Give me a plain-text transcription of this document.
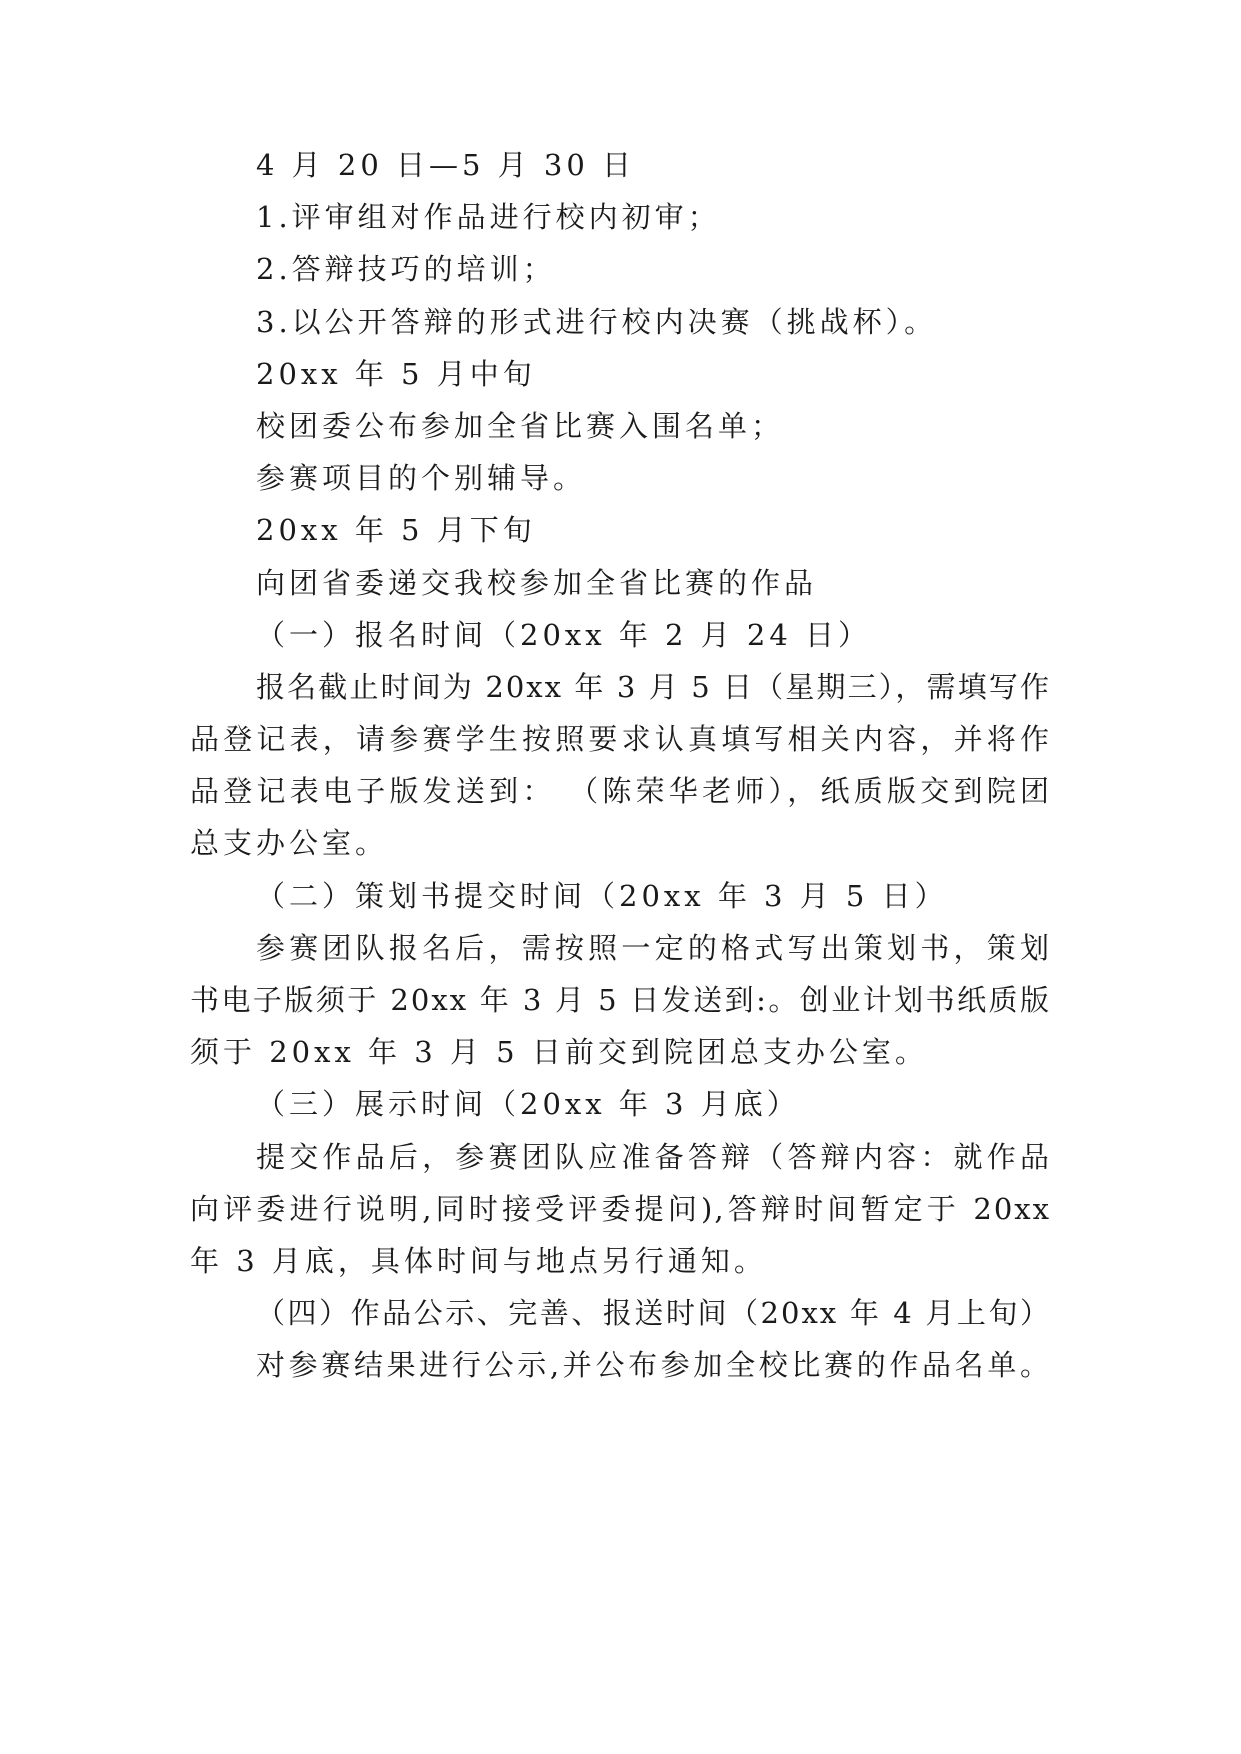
4 月 20 日—5 月 30 日
1.评审组对作品进行校内初审；
2.答辩技巧的培训；
3.以公开答辩的形式进行校内决赛（挑战杯）。
20xx 年 5 月中旬
校团委公布参加全省比赛入围名单；
参赛项目的个别辅导。
20xx 年 5 月下旬
向团省委递交我校参加全省比赛的作品
（一）报名时间（20xx 年 2 月 24 日）
报名截止时间为 20xx 年 3 月 5 日（星期三），需填写作
品登记表，请参赛学生按照要求认真填写相关内容，并将作
品登记表电子版发送到： （陈荣华老师），纸质版交到院团
总支办公室。
（二）策划书提交时间（20xx 年 3 月 5 日）
参赛团队报名后，需按照一定的格式写出策划书，策划
书电子版须于 20xx 年 3 月 5 日发送到:。创业计划书纸质版
须于 20xx 年 3 月 5 日前交到院团总支办公室。
（三）展示时间（20xx 年 3 月底）
提交作品后，参赛团队应准备答辩（答辩内容：就作品
向评委进行说明,同时接受评委提问),答辩时间暂定于 20xx
年 3 月底，具体时间与地点另行通知。
（四）作品公示、完善、报送时间（20xx 年 4 月上旬）
对参赛结果进行公示,并公布参加全校比赛的作品名单。
